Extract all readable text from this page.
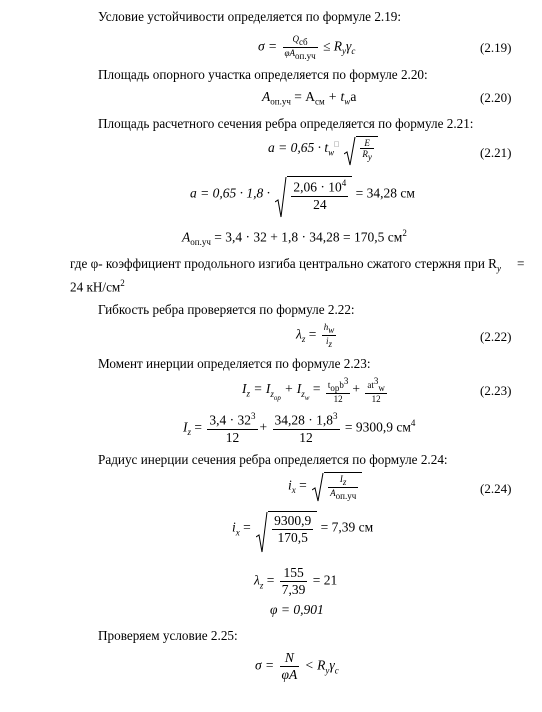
Условие устойчивости определяется по формуле 2.19:
$\sigma = \frac{Q_{cб}}{\varphi A_{оп.уч}} \le R_y\gamma_c$	(2.19)
Площадь опорного участка определяется по формуле 2.20:
$A_{оп.уч} = A_{см} + t_wa$	(2.20)
Площадь расчетного сечения ребра определяется по формуле 2.21:
$a = 0,65 \cdot t_w^□ \frac{E}{R_y}$	(2.21)
$a = 0,65 \cdot 1,8 \cdot \frac{2,06 \cdot 10^4}{24} = 34,28$ см
$A_{оп.уч} = 3,4 \cdot 32 + 1,8 \cdot 34,28 = 170,5$ $см^2$
где φ- коэффициент продольного изгиба центрально сжатого стержня при $R_y$ =
24 $кН/см^2$
Гибкость ребра проверяется по формуле 2.22:
$\lambda_z = \frac{h_w}{i_z}$	(2.22)
Момент инерции определяется по формуле 2.23:
$I_z = I_{z_{op}} + I_{z_w} = \frac{t_{op}b^3}{12} + \frac{at^3_w}{12}$	(2.23)
$I_z = \frac{3,4 \cdot 32^3}{12} + \frac{34,28 \cdot 1,8^3}{12} = 9300,9$ $см^4$
Радиус инерции сечения ребра определяется по формуле 2.24:
$i_x = \frac{I_z}{A_{оп.уч}}$	(2.24)
$i_x = \frac{9300,9}{170,5} = 7,39$ см
$\lambda_z = \frac{155}{7,39} = 21$
φ = 0,901
Проверяем условие 2.25:
$\sigma = \frac{N}{\varphi A} < R_y\gamma_c$
